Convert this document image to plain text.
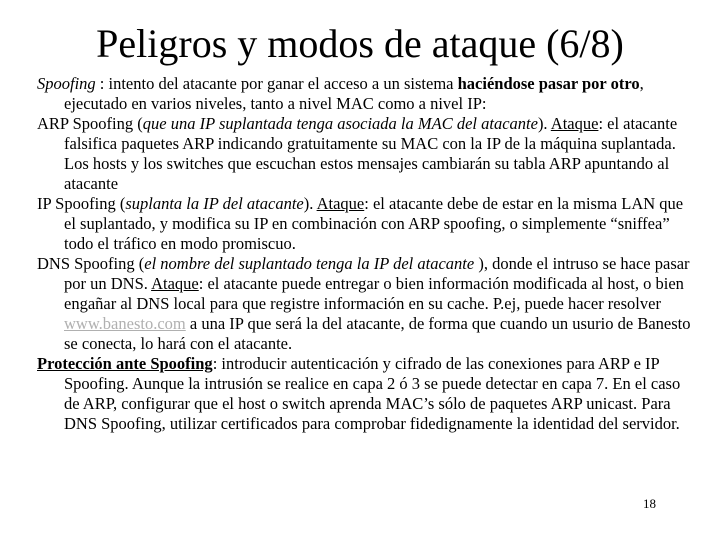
Peligros y modos de ataque (6/8)

Spoofing : intento del atacante por ganar el acceso a un sistema haciéndose pasar por otro, ejecutado en varios niveles, tanto a nivel MAC como a nivel IP:

ARP Spoofing (que una IP suplantada tenga asociada la MAC del atacante). Ataque: el atacante falsifica paquetes ARP indicando gratuitamente su MAC con la IP de la máquina suplantada. Los hosts y los switches que escuchan estos mensajes cambiarán su tabla ARP apuntando al atacante

IP Spoofing (suplanta la IP del atacante). Ataque: el atacante debe de estar en la misma LAN que el suplantado, y modifica su IP en combinación con ARP spoofing, o simplemente “sniffea” todo el tráfico en modo promiscuo.

DNS Spoofing (el nombre del suplantado tenga la IP del atacante ), donde el intruso se hace pasar por un DNS. Ataque: el atacante puede entregar o bien información modificada al host, o bien engañar al DNS local para que registre información en su cache. P.ej, puede hacer resolver www.banesto.com a una IP que será la del atacante, de forma que cuando un usurio de Banesto se conecta, lo hará con el atacante.

Protección ante Spoofing: introducir autenticación y cifrado de las conexiones para ARP e IP Spoofing. Aunque la intrusión se realice en capa 2 ó 3 se puede detectar en capa 7. En el caso de ARP, configurar que el host o switch aprenda MAC’s sólo de paquetes ARP unicast. Para DNS Spoofing, utilizar certificados para comprobar fidedignamente la identidad del servidor.

18
